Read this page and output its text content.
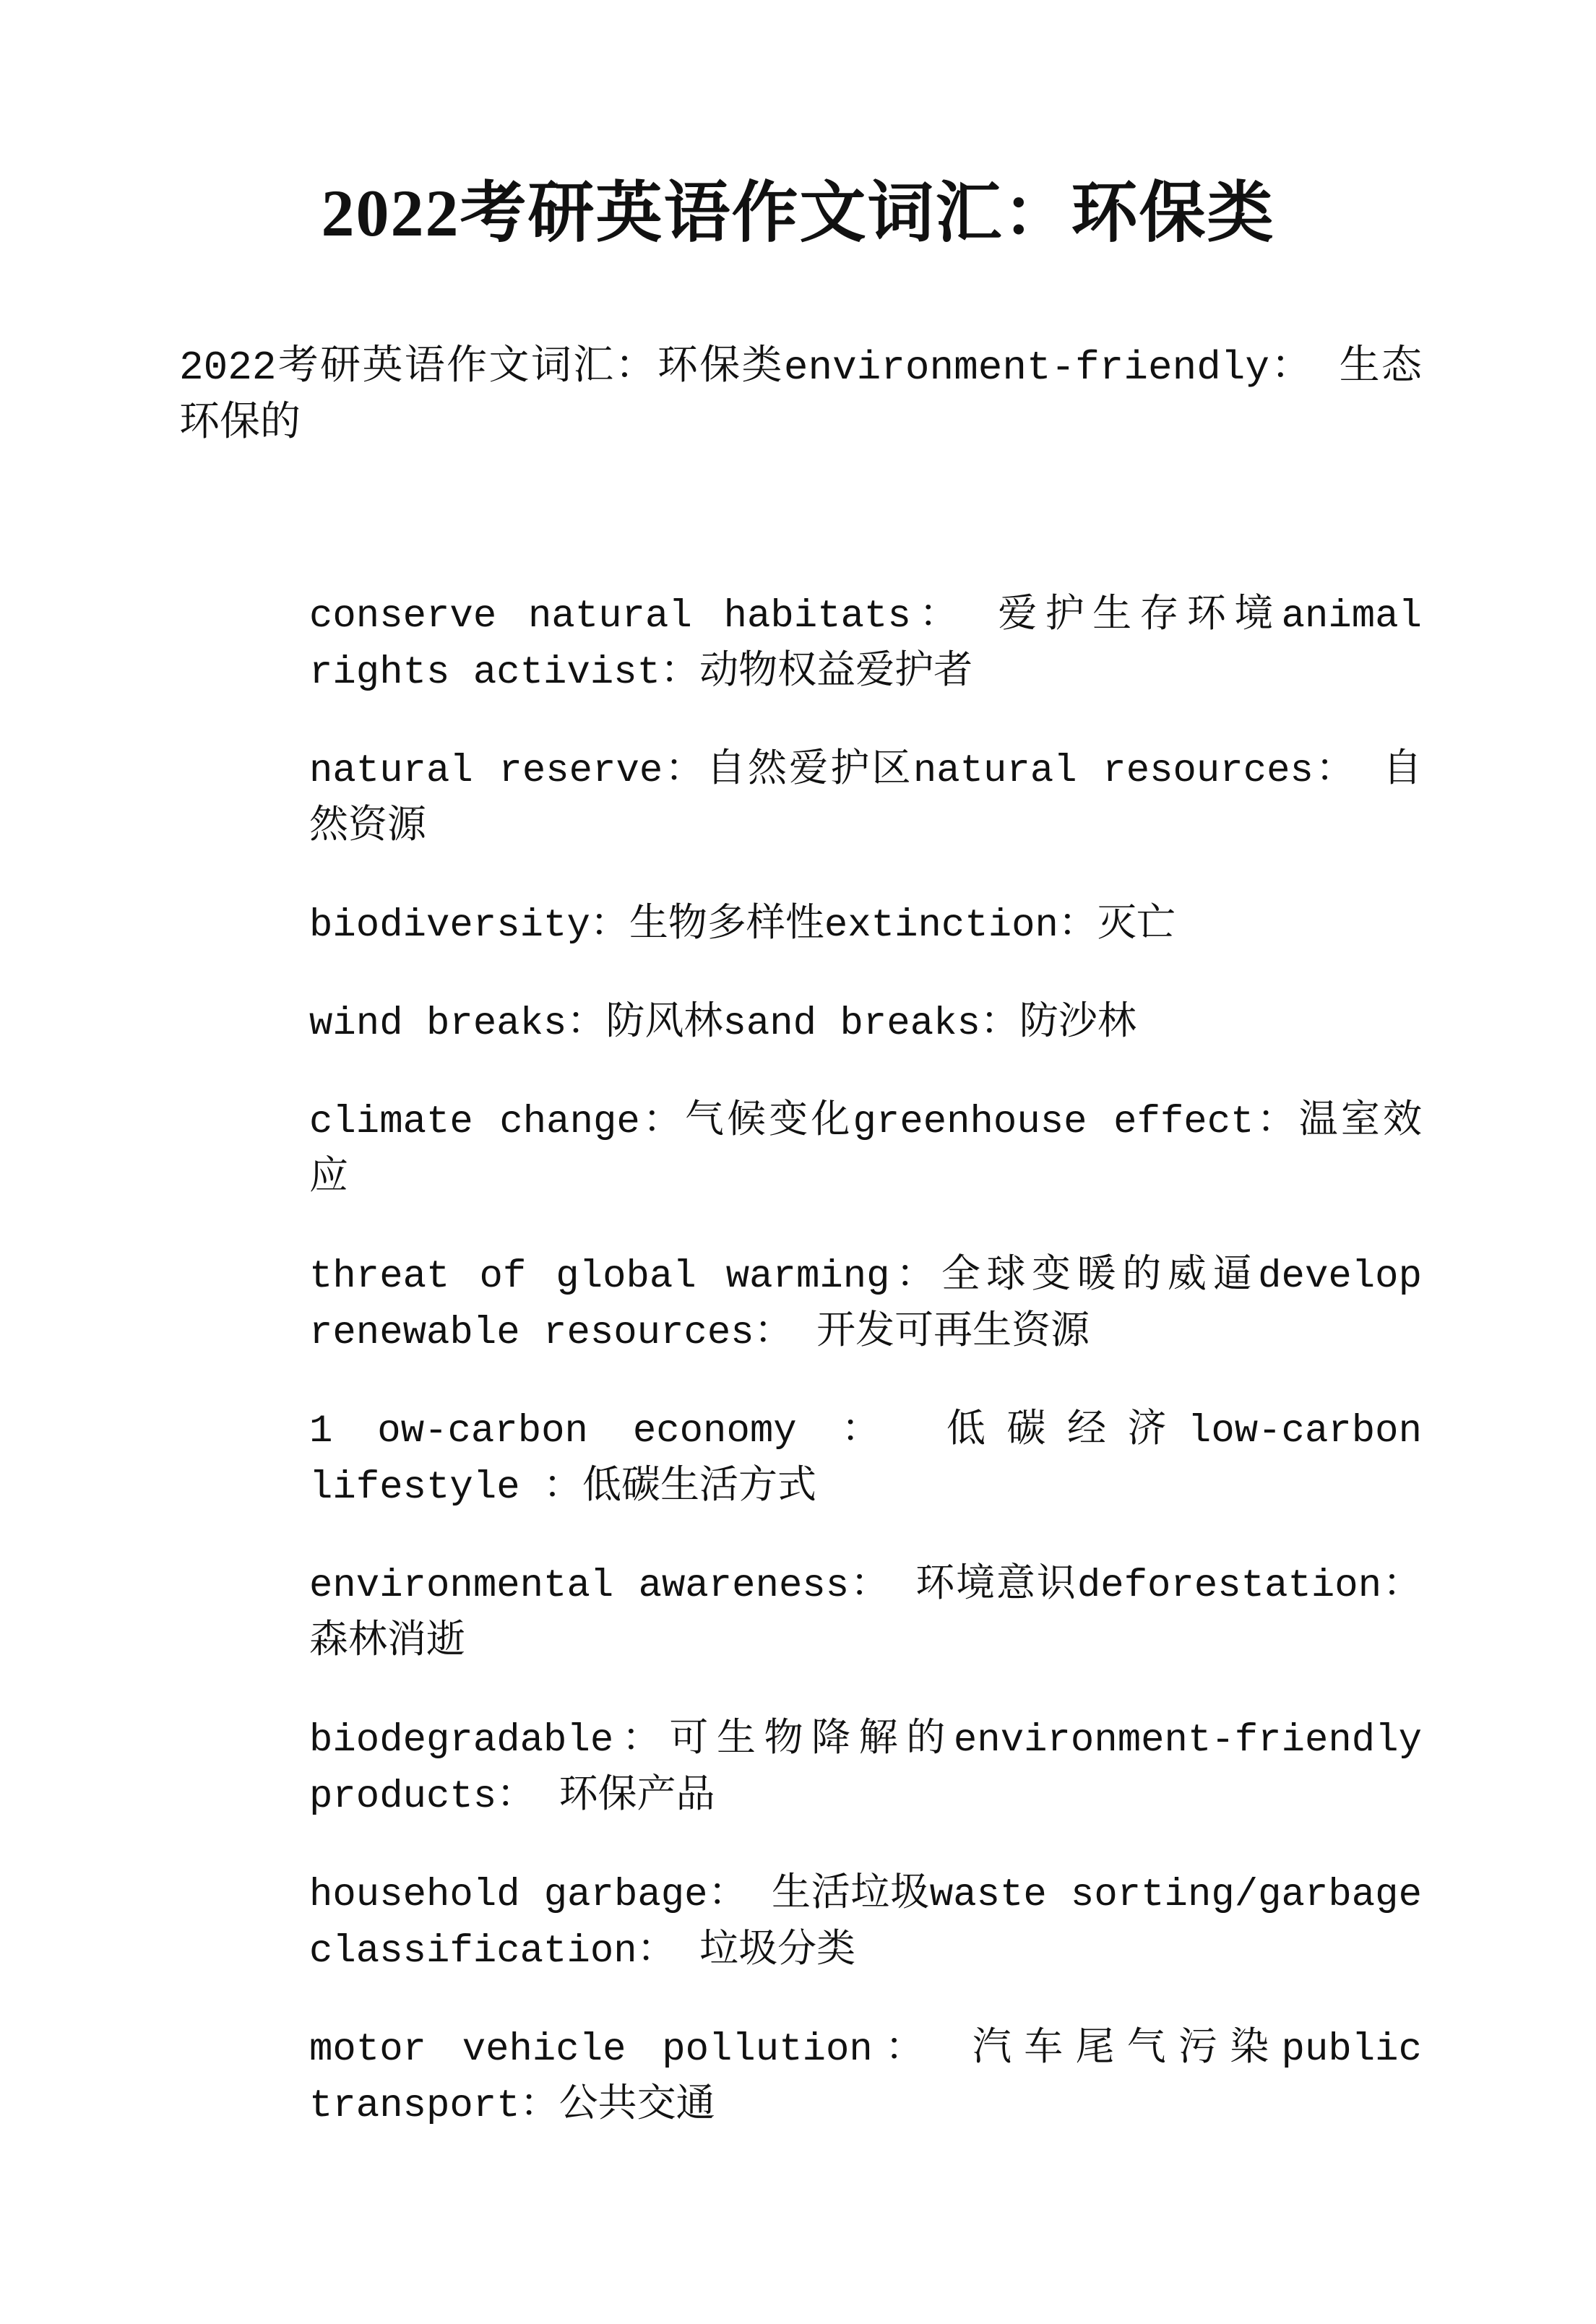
2022考研英语作文词汇：环保类

2022考研英语作文词汇：环保类environment-friendly： 生态环保的

conserve natural habitats： 爱护生存环境animal rights activist：动物权益爱护者
natural reserve：自然爱护区natural resources： 自然资源
biodiversity：生物多样性extinction：灭亡
wind breaks：防风林sand breaks：防沙林
climate change：气候变化greenhouse effect：温室效应
threat of global warming：全球变暖的威逼develop renewable resources： 开发可再生资源
1 ow-carbon economy ： 低碳经济low-carbon lifestyle ：低碳生活方式
environmental awareness： 环境意识deforestation：森林消逝
biodegradable：可生物降解的environment-friendly products： 环保产品
household garbage： 生活垃圾waste sorting/garbage classification： 垃圾分类
motor vehicle pollution： 汽车尾气污染public transport：公共交通
